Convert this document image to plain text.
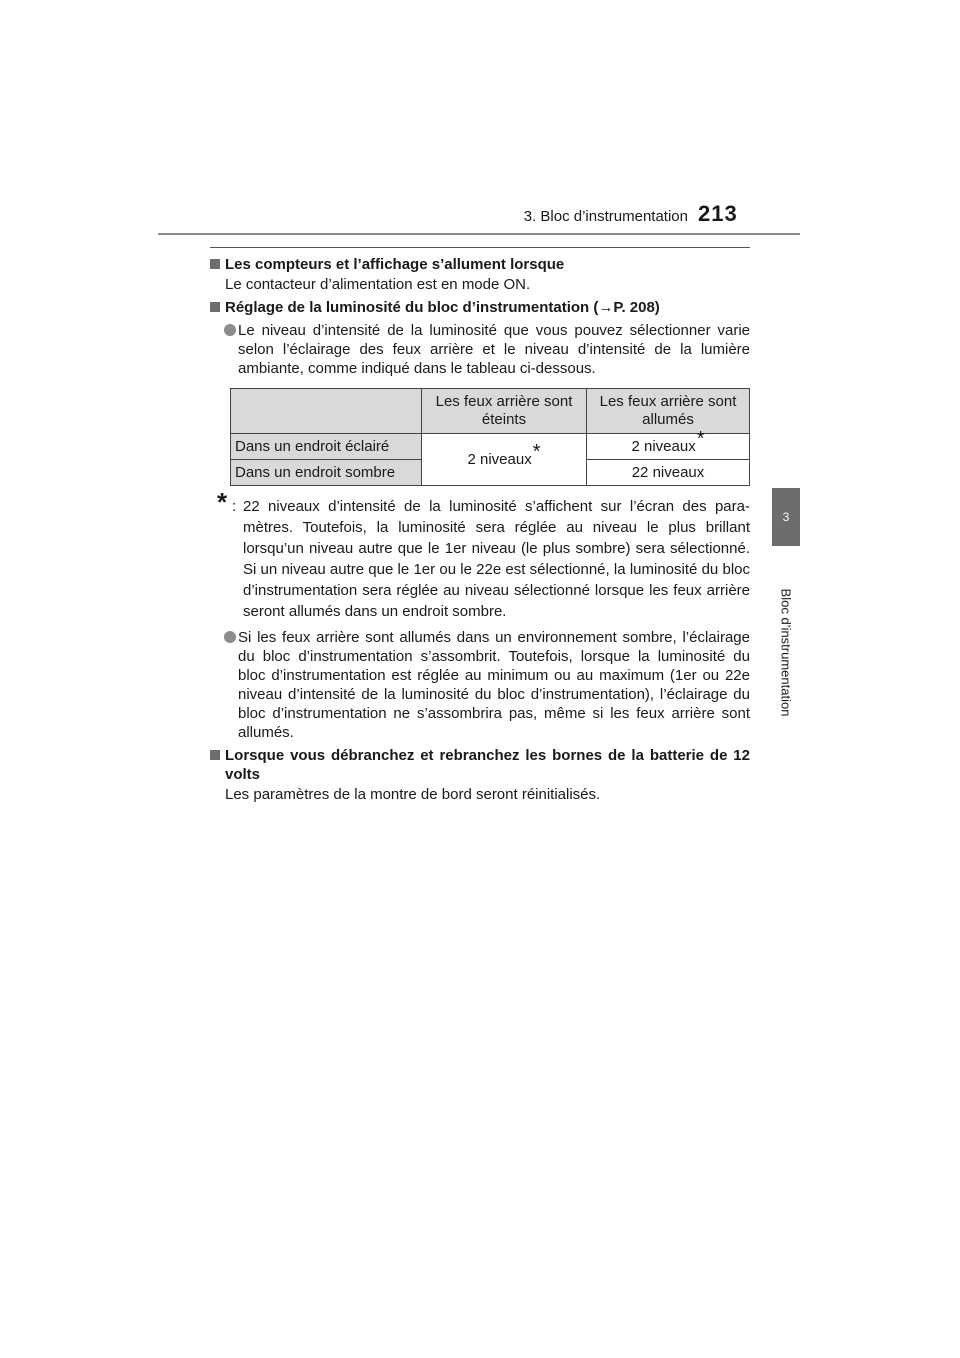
3. Bloc d’instrumentation 213
3
Bloc d’instrumentation

Les compteurs et l’affichage s’allument lorsque

Le contacteur d’alimentation est en mode ON.

Réglage de la luminosité du bloc d’instrumentation (→P. 208)

Le niveau d’intensité de la luminosité que vous pouvez sélectionner varie selon l’éclairage des feux arrière et le niveau d’intensité de la lumière ambiante, comme indiqué dans le tableau ci-dessous.
	Les feux arrière sont éteints	Les feux arrière sont allumés
Dans un endroit éclairé	2 niveaux*	2 niveaux*
Dans un endroit sombre		22 niveaux
* : 22 niveaux d’intensité de la luminosité s’affichent sur l’écran des paramètres. Toutefois, la luminosité sera réglée au niveau le plus brillant lorsqu’un niveau autre que le 1er niveau (le plus sombre) sera sélectionné. Si un niveau autre que le 1er ou le 22e est sélectionné, la luminosité du bloc d’instrumentation sera réglée au niveau sélectionné lorsque les feux arrière seront allumés dans un endroit sombre.
Si les feux arrière sont allumés dans un environnement sombre, l’éclairage du bloc d’instrumentation s’assombrit. Toutefois, lorsque la luminosité du bloc d’instrumentation est réglée au minimum ou au maximum (1er ou 22e niveau d’intensité de la luminosité du bloc d’instrumentation), l’éclairage du bloc d’instrumentation ne s’assombrira pas, même si les feux arrière sont allumés.

Lorsque vous débranchez et rebranchez les bornes de la batterie de 12 volts

Les paramètres de la montre de bord seront réinitialisés.
